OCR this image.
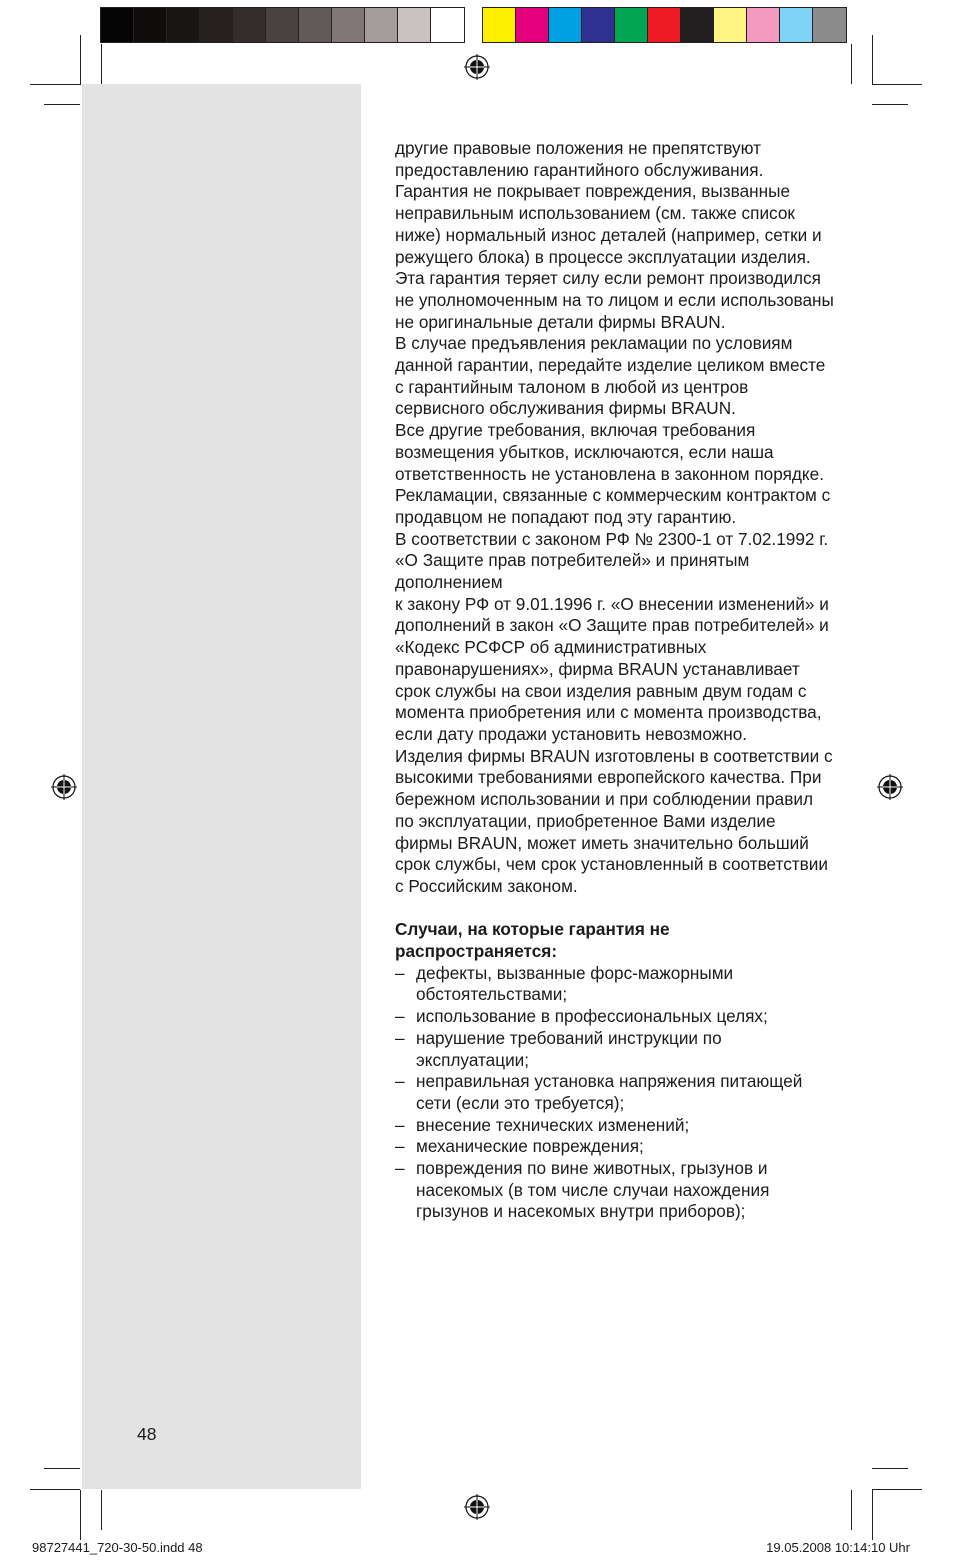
другие правовые положения не препятствуют предоставлению гарантийного обслуживания. Гарантия не покрывает повреждения, вызванные неправильным использованием (см. также список ниже) нормальный износ деталей (например, сетки и режущего блока) в процессе эксплуатации изделия.

Эта гарантия теряет силу если ремонт производился не уполномоченным на то лицом и если использованы не оригинальные детали фирмы BRAUN.

В случае предъявления рекламации по условиям данной гарантии, передайте изделие целиком вместе с гарантийным талоном в любой из центров сервисного обслуживания фирмы BRAUN.

Все другие требования, включая требования возмещения убытков, исключаются, если наша ответственность не установлена в законном порядке.

Рекламации, связанные с коммерческим контрактом с продавцом не попадают под эту гарантию.

В соответствии с законом РФ № 2300-1 от 7.02.1992 г. «О Защите прав потребителей» и принятым дополнением

к закону РФ от 9.01.1996 г. «О внесении изменений» и дополнений в закон «О Защите прав потребителей» и «Кодекс РСФСР об административных правонарушениях», фирма BRAUN устанавливает срок службы на свои изделия равным двум годам с момента приобретения или с момента производства, если дату продажи установить невозможно.

Изделия фирмы BRAUN изготовлены в соответствии с высокими требованиями европейского качества. При бережном использовании и при соблюдении правил по эксплуатации, приобретенное Вами изделие фирмы BRAUN, может иметь значительно больший срок службы, чем срок установленный в соответствии с Российским законом.

Случаи, на которые гарантия не распространяется:

– дефекты, вызванные форс-мажорными обстоятельствами;
– использование в профессиональных целях;
– нарушение требований инструкции по эксплуатации;
– неправильная установка напряжения питающей сети (если это требуется);
– внесение технических изменений;
– механические повреждения;
– повреждения по вине животных, грызунов и насекомых (в том числе случаи нахождения грызунов и насекомых внутри приборов);
48
98727441_720-30-50.indd 48	19.05.2008 10:14:10 Uhr
